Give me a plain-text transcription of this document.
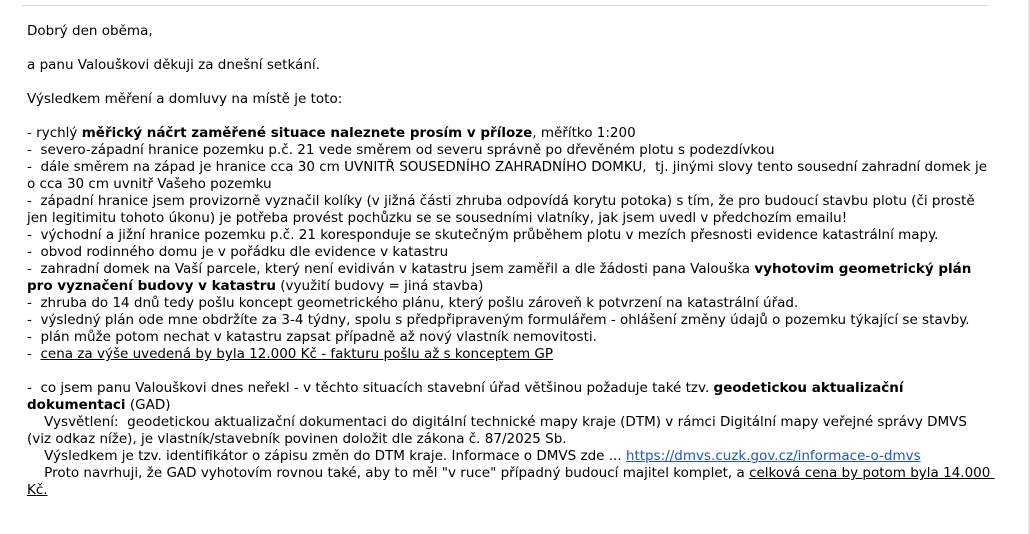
Dobrý den oběma,

a panu Valouškovi děkuji za dnešní setkání.

Výsledkem měření a domluvy na místě je toto:

- rychlý měřický náčrt zaměřené situace naleznete prosím v příloze, měřítko 1:200

-  severo-západní hranice pozemku p.č. 21 vede směrem od severu správně po dřevěném plotu s podezdívkou

-  dále směrem na západ je hranice cca 30 cm UVNITŘ SOUSEDNÍHO ZAHRADNÍHO DOMKU,  tj. jinými slovy tento sousední zahradní domek je o cca 30 cm uvnitř Vašeho pozemku

-  západní hranice jsem provizorně vyznačil kolíky (v jižná části zhruba odpovídá korytu potoka) s tím, že pro budoucí stavbu plotu (či prostě jen legitimitu tohoto úkonu) je potřeba provést pochůzku se se sousedními vlatníky, jak jsem uvedl v předchozím emailu!

-  východní a jižní hranice pozemku p.č. 21 koresponduje se skutečným průběhem plotu v mezích přesnosti evidence katastrální mapy.

-  obvod rodinného domu je v pořádku dle evidence v katastru

-  zahradní domek na Vaší parcele, který není evidiván v katastru jsem zaměřil a dle žádosti pana Valouška vyhotovim geometrický plán pro vyznačení budovy v katastru (využití budovy = jiná stavba)

-  zhruba do 14 dnů tedy pošlu koncept geometrického plánu, který pošlu zároveň k potvrzení na katastrální úřad.

-  výsledný plán ode mne obdržíte za 3-4 týdny, spolu s předpřipraveným formulářem - ohlášení změny údajů o pozemku týkající se stavby.

-  plán může potom nechat v katastru zapsat případně až nový vlastník nemovitosti.

-  cena za výše uvedená by byla 12.000 Kč - fakturu pošlu až s konceptem GP

-  co jsem panu Valouškovi dnes neřekl - v těchto situacích stavební úřad většinou požaduje také tzv. geodetickou aktualizační dokumentaci (GAD)

Vysvětlení:  geodetickou aktualizační dokumentaci do digitální technické mapy kraje (DTM) v rámci Digitální mapy veřejné správy DMVS (viz odkaz níže), je vlastník/stavebník povinen doložit dle zákona č. 87/2025 Sb.

Výsledkem je tzv. identifikátor o zápisu změn do DTM kraje. Informace o DMVS zde ... https://dmvs.cuzk.gov.cz/informace-o-dmvs

Proto navrhuji, že GAD vyhotovím rovnou také, aby to měl "v ruce" případný budoucí majitel komplet, a celková cena by potom byla 14.000 Kč.
